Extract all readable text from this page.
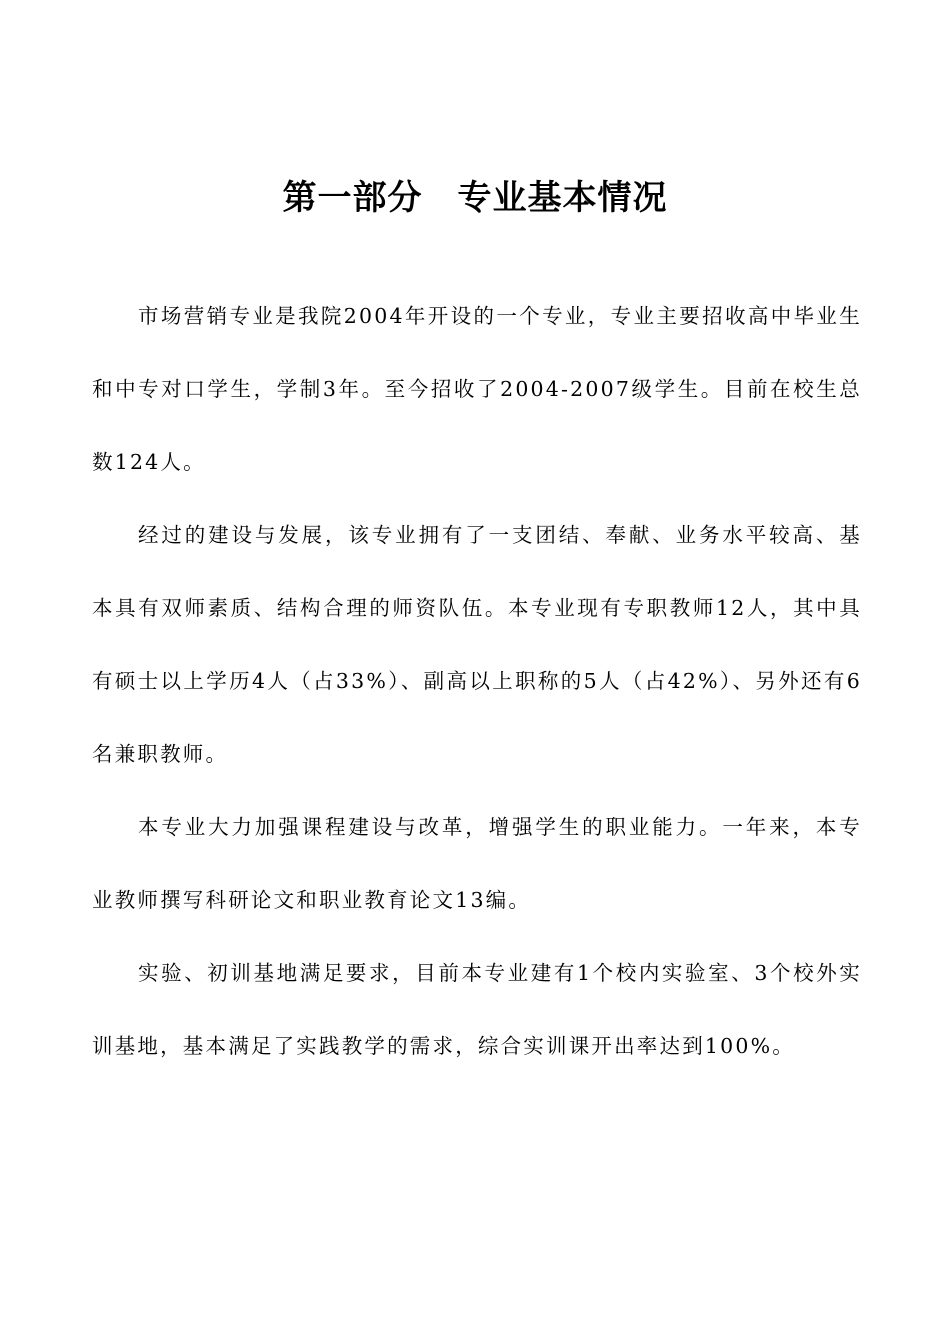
第一部分　专业基本情况

市场营销专业是我院2004年开设的一个专业，专业主要招收高中毕业生和中专对口学生，学制3年。至今招收了2004-2007级学生。目前在校生总数124人。

经过的建设与发展，该专业拥有了一支团结、奉献、业务水平较高、基本具有双师素质、结构合理的师资队伍。本专业现有专职教师12人，其中具有硕士以上学历4人（占33%）、副高以上职称的5人（占42%）、另外还有6名兼职教师。

本专业大力加强课程建设与改革，增强学生的职业能力。一年来，本专业教师撰写科研论文和职业教育论文13编。

实验、初训基地满足要求，目前本专业建有1个校内实验室、3个校外实训基地，基本满足了实践教学的需求，综合实训课开出率达到100%。
